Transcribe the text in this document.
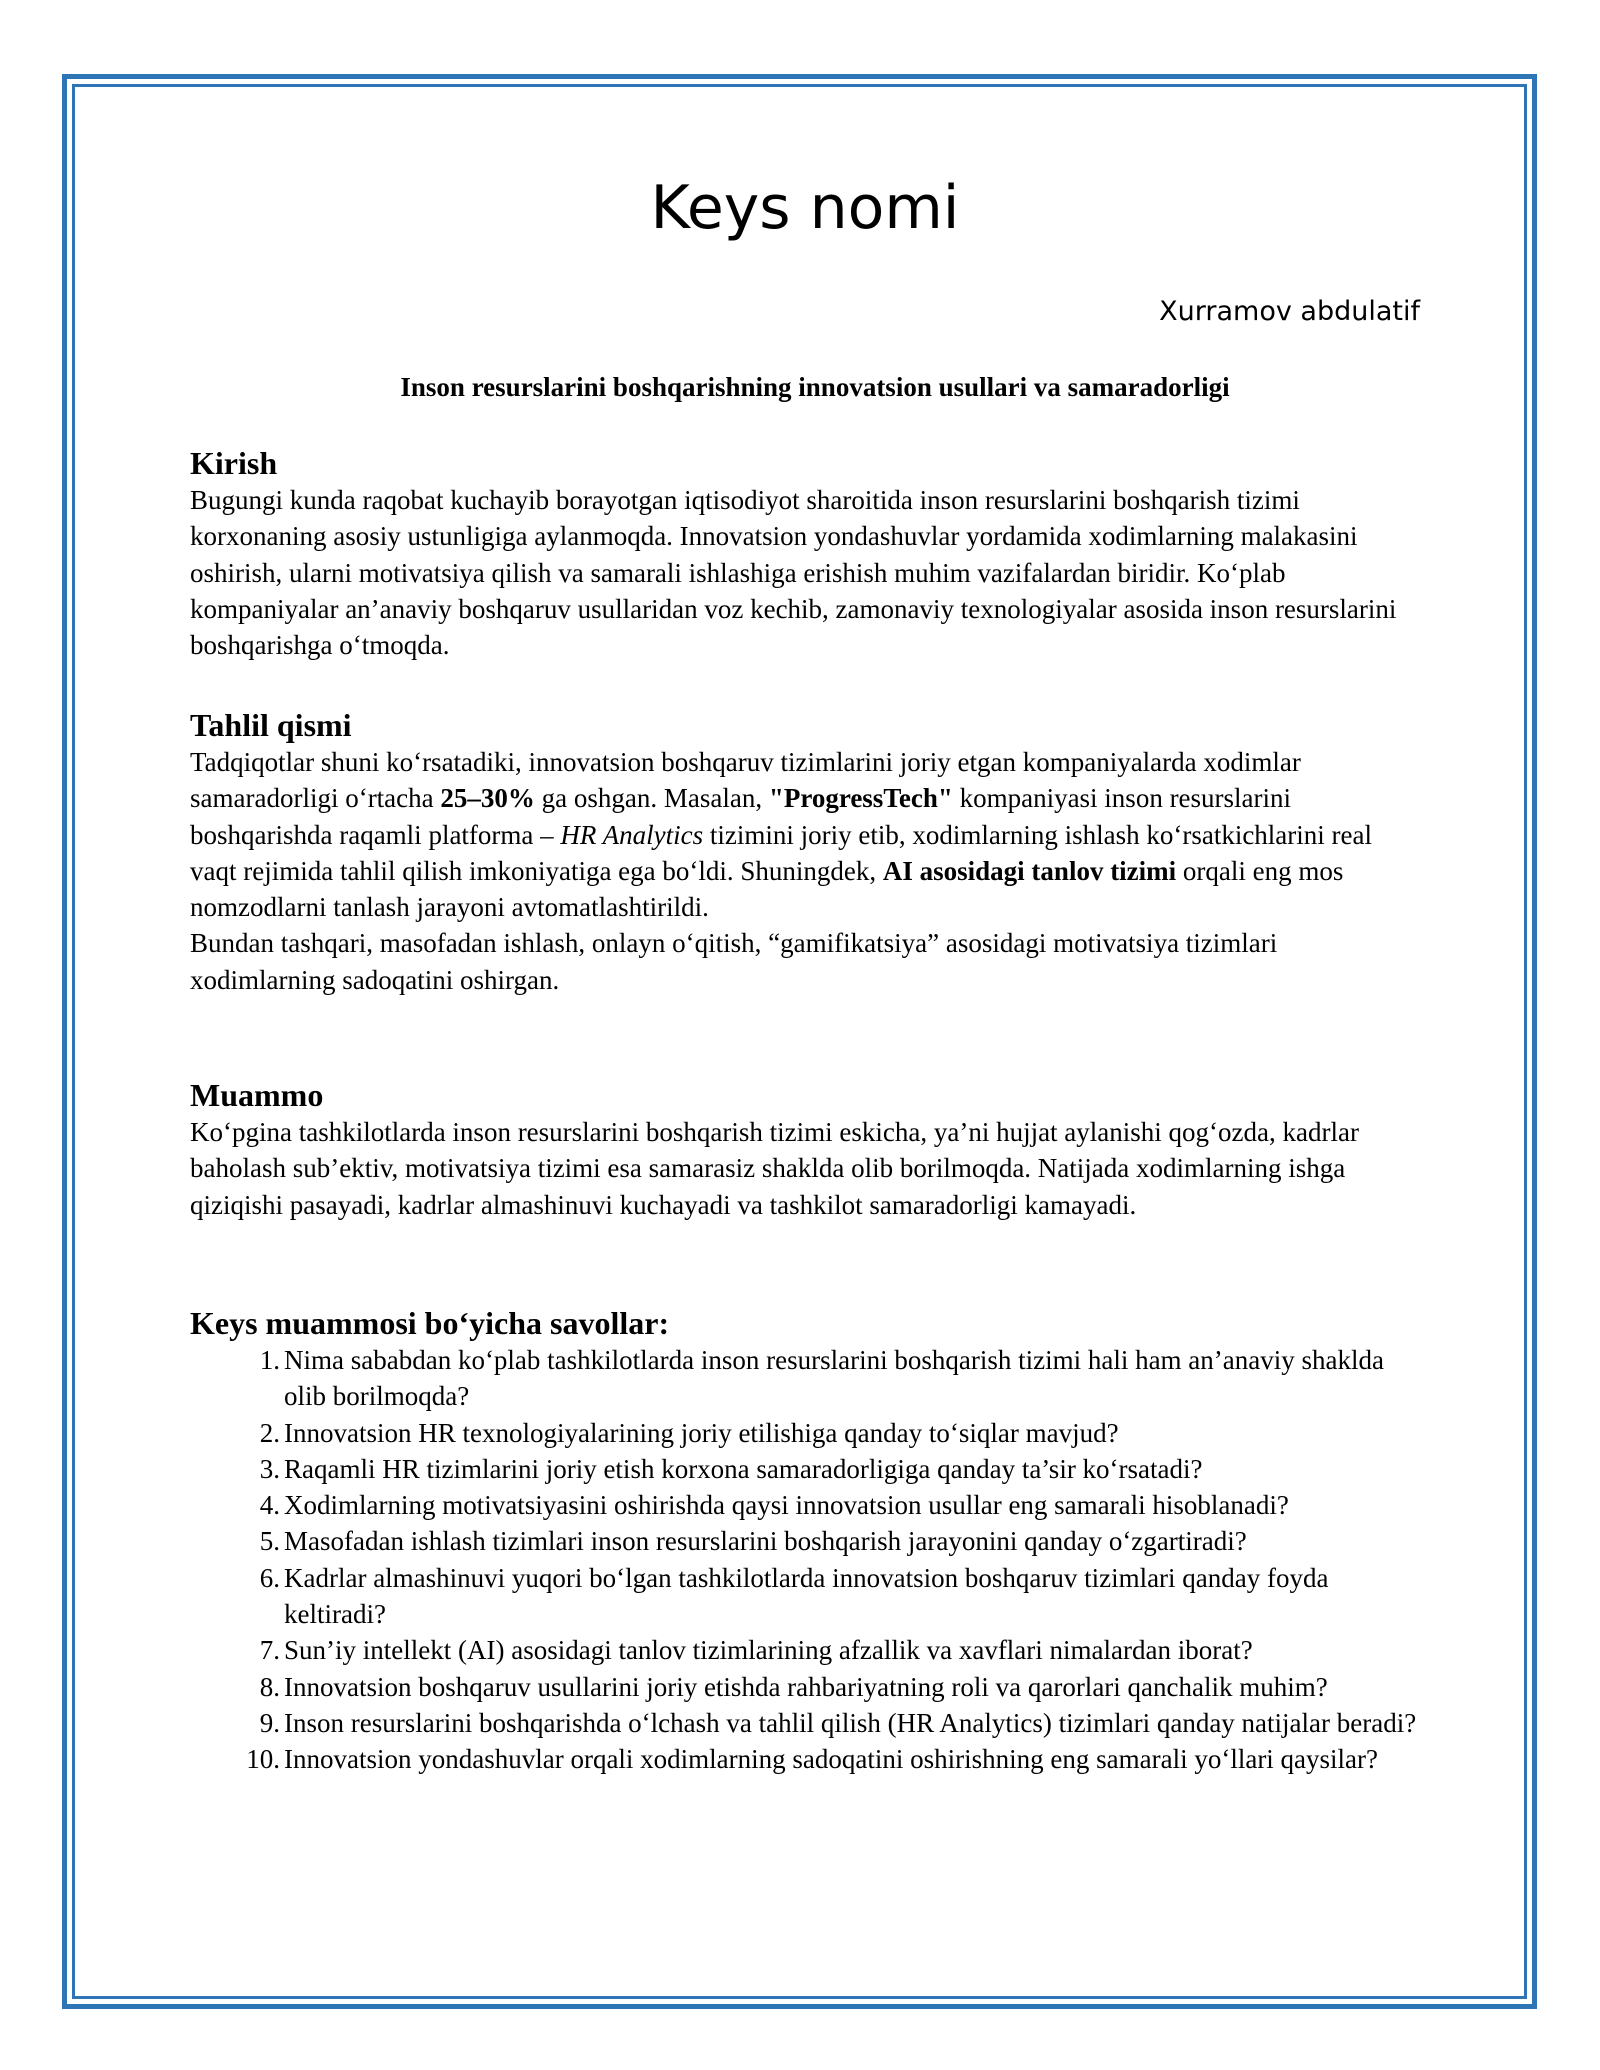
Keys nomi
Xurramov abdulatif
Inson resurslarini boshqarishning innovatsion usullari va samaradorligi
Kirish

Bugungi kunda raqobat kuchayib borayotgan iqtisodiyot sharoitida inson resurslarini boshqarish tizimi korxonaning asosiy ustunligiga aylanmoqda. Innovatsion yondashuvlar yordamida xodimlarning malakasini oshirish, ularni motivatsiya qilish va samarali ishlashiga erishish muhim vazifalardan biridir. Ko‘plab kompaniyalar an’anaviy boshqaruv usullaridan voz kechib, zamonaviy texnologiyalar asosida inson resurslarini boshqarishga o‘tmoqda.

Tahlil qismi

Tadqiqotlar shuni ko‘rsatadiki, innovatsion boshqaruv tizimlarini joriy etgan kompaniyalarda xodimlar samaradorligi o‘rtacha 25–30% ga oshgan. Masalan, "ProgressTech" kompaniyasi inson resurslarini boshqarishda raqamli platforma – HR Analytics tizimini joriy etib, xodimlarning ishlash ko‘rsatkichlarini real vaqt rejimida tahlil qilish imkoniyatiga ega bo‘ldi. Shuningdek, AI asosidagi tanlov tizimi orqali eng mos nomzodlarni tanlash jarayoni avtomatlashtirildi.

Bundan tashqari, masofadan ishlash, onlayn o‘qitish, “gamifikatsiya” asosidagi motivatsiya tizimlari xodimlarning sadoqatini oshirgan.

Muammo

Ko‘pgina tashkilotlarda inson resurslarini boshqarish tizimi eskicha, ya’ni hujjat aylanishi qog‘ozda, kadrlar baholash sub’ektiv, motivatsiya tizimi esa samarasiz shaklda olib borilmoqda. Natijada xodimlarning ishga qiziqishi pasayadi, kadrlar almashinuvi kuchayadi va tashkilot samaradorligi kamayadi.

Keys muammosi bo‘yicha savollar:
1. Nima sababdan ko‘plab tashkilotlarda inson resurslarini boshqarish tizimi hali ham an’anaviy shaklda olib borilmoqda?
2. Innovatsion HR texnologiyalarining joriy etilishiga qanday to‘siqlar mavjud?
3. Raqamli HR tizimlarini joriy etish korxona samaradorligiga qanday ta’sir ko‘rsatadi?
4. Xodimlarning motivatsiyasini oshirishda qaysi innovatsion usullar eng samarali hisoblanadi?
5. Masofadan ishlash tizimlari inson resurslarini boshqarish jarayonini qanday o‘zgartiradi?
6. Kadrlar almashinuvi yuqori bo‘lgan tashkilotlarda innovatsion boshqaruv tizimlari qanday foyda keltiradi?
7. Sun’iy intellekt (AI) asosidagi tanlov tizimlarining afzallik va xavflari nimalardan iborat?
8. Innovatsion boshqaruv usullarini joriy etishda rahbariyatning roli va qarorlari qanchalik muhim?
9. Inson resurslarini boshqarishda o‘lchash va tahlil qilish (HR Analytics) tizimlari qanday natijalar beradi?
10. Innovatsion yondashuvlar orqali xodimlarning sadoqatini oshirishning eng samarali yo‘llari qaysilar?
